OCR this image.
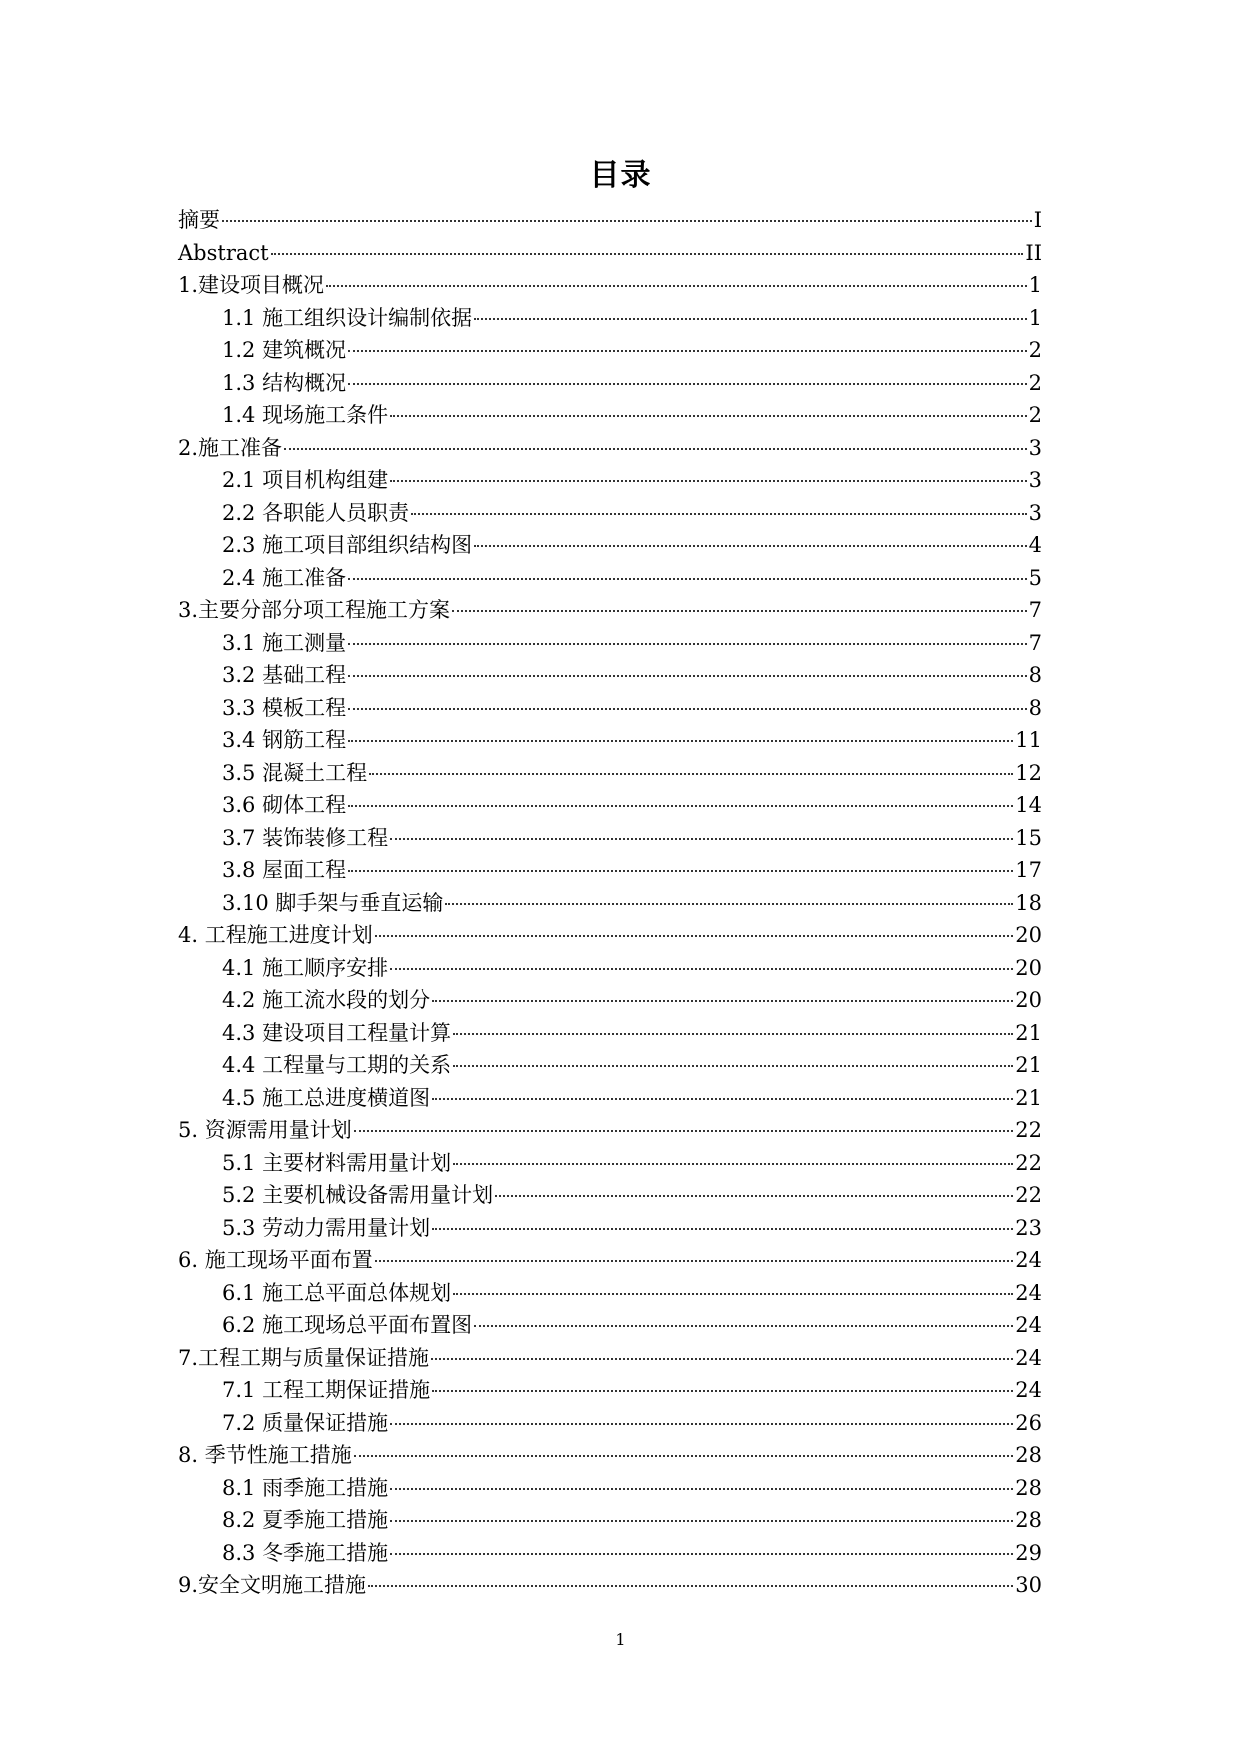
目录
摘要	I
Abstract	II
1.建设项目概况	1
1.1 施工组织设计编制依据	1
1.2 建筑概况	2
1.3 结构概况	2
1.4 现场施工条件	2
2.施工准备	3
2.1 项目机构组建	3
2.2 各职能人员职责	3
2.3 施工项目部组织结构图	4
2.4 施工准备	5
3.主要分部分项工程施工方案	7
3.1 施工测量	7
3.2 基础工程	8
3.3 模板工程	8
3.4 钢筋工程	11
3.5 混凝土工程	12
3.6 砌体工程	14
3.7 装饰装修工程	15
3.8 屋面工程	17
3.10 脚手架与垂直运输	18
4. 工程施工进度计划	20
4.1 施工顺序安排	20
4.2 施工流水段的划分	20
4.3 建设项目工程量计算	21
4.4 工程量与工期的关系	21
4.5 施工总进度横道图	21
5. 资源需用量计划	22
5.1 主要材料需用量计划	22
5.2 主要机械设备需用量计划	22
5.3 劳动力需用量计划	23
6. 施工现场平面布置	24
6.1 施工总平面总体规划	24
6.2 施工现场总平面布置图	24
7.工程工期与质量保证措施	24
7.1 工程工期保证措施	24
7.2 质量保证措施	26
8. 季节性施工措施	28
8.1 雨季施工措施	28
8.2 夏季施工措施	28
8.3 冬季施工措施	29
9.安全文明施工措施	30
1
